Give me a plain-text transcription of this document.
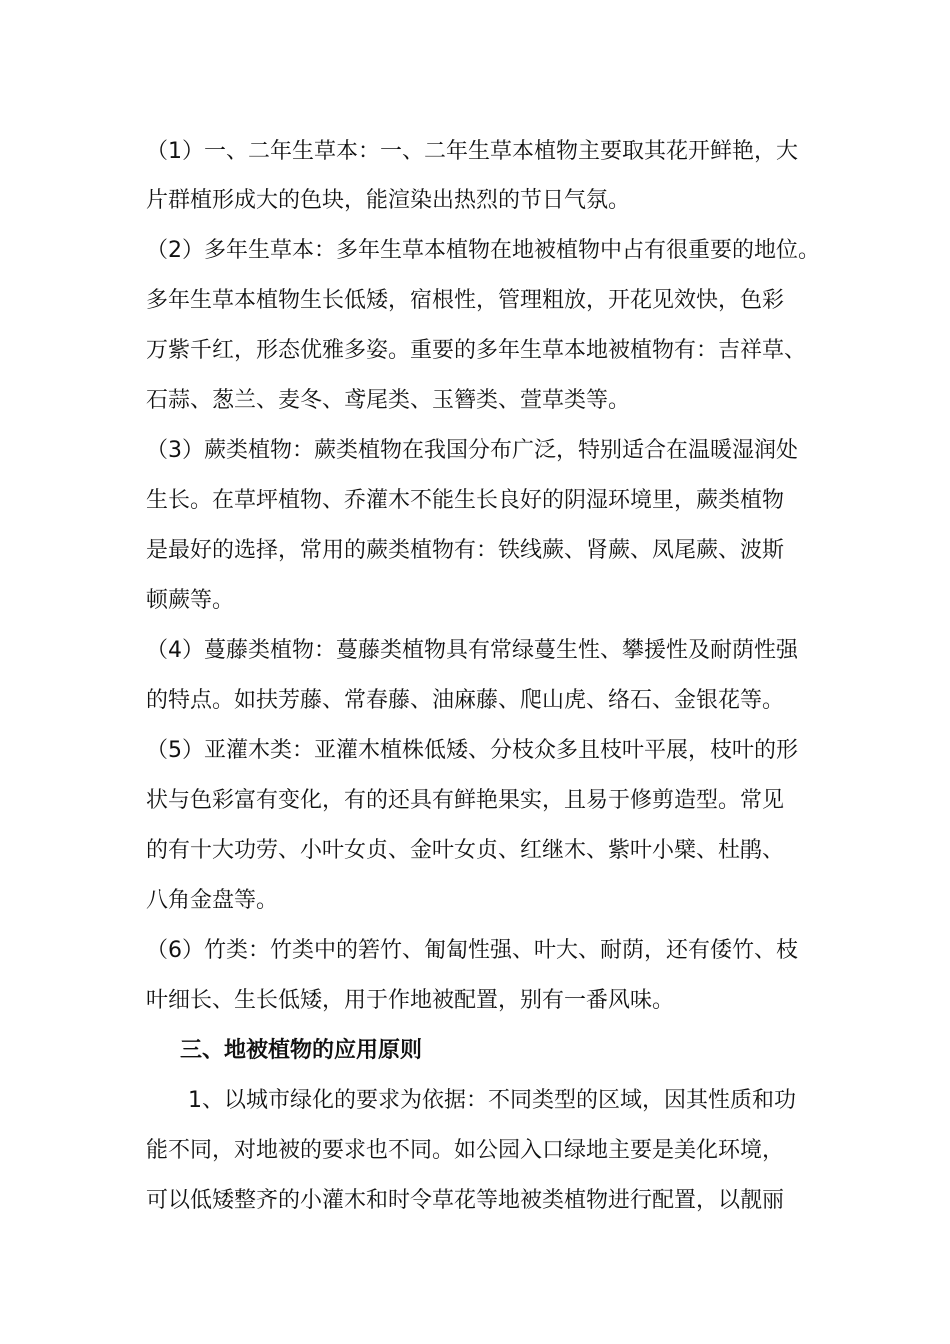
（1）一、二年生草本：一、二年生草本植物主要取其花开鲜艳，大
片群植形成大的色块，能渲染出热烈的节日气氛。
（2）多年生草本：多年生草本植物在地被植物中占有很重要的地位。
多年生草本植物生长低矮，宿根性，管理粗放，开花见效快，色彩
万紫千红，形态优雅多姿。重要的多年生草本地被植物有：吉祥草、
石蒜、葱兰、麦冬、鸢尾类、玉簪类、萱草类等。
（3）蕨类植物：蕨类植物在我国分布广泛，特别适合在温暖湿润处
生长。在草坪植物、乔灌木不能生长良好的阴湿环境里，蕨类植物
是最好的选择，常用的蕨类植物有：铁线蕨、肾蕨、凤尾蕨、波斯
顿蕨等。
（4）蔓藤类植物：蔓藤类植物具有常绿蔓生性、攀援性及耐荫性强
的特点。如扶芳藤、常春藤、油麻藤、爬山虎、络石、金银花等。
（5）亚灌木类：亚灌木植株低矮、分枝众多且枝叶平展，枝叶的形
状与色彩富有变化，有的还具有鲜艳果实，且易于修剪造型。常见
的有十大功劳、小叶女贞、金叶女贞、红继木、紫叶小檗、杜鹃、
八角金盘等。
（6）竹类：竹类中的箬竹、匍匐性强、叶大、耐荫，还有倭竹、枝
叶细长、生长低矮，用于作地被配置，别有一番风味。
三、地被植物的应用原则
1、以城市绿化的要求为依据：不同类型的区域，因其性质和功
能不同，对地被的要求也不同。如公园入口绿地主要是美化环境，
可以低矮整齐的小灌木和时令草花等地被类植物进行配置，以靓丽
